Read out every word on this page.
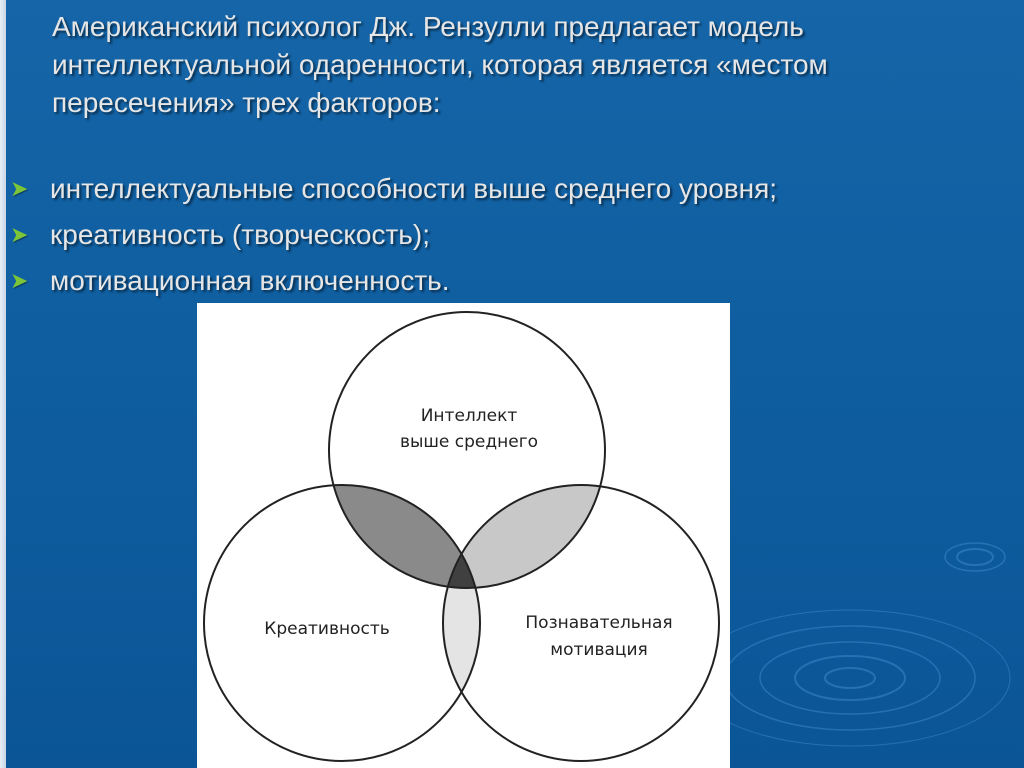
Американский психолог Дж. Рензулли предлагает модель интеллектуальной одаренности, которая является «местом пересечения» трех факторов:

➤ интеллектуальные способности выше среднего уровня;
➤ креативность (творческость);
➤ мотивационная включенность.
Интеллект
выше среднего
Креативность	Познавательная
мотивация
